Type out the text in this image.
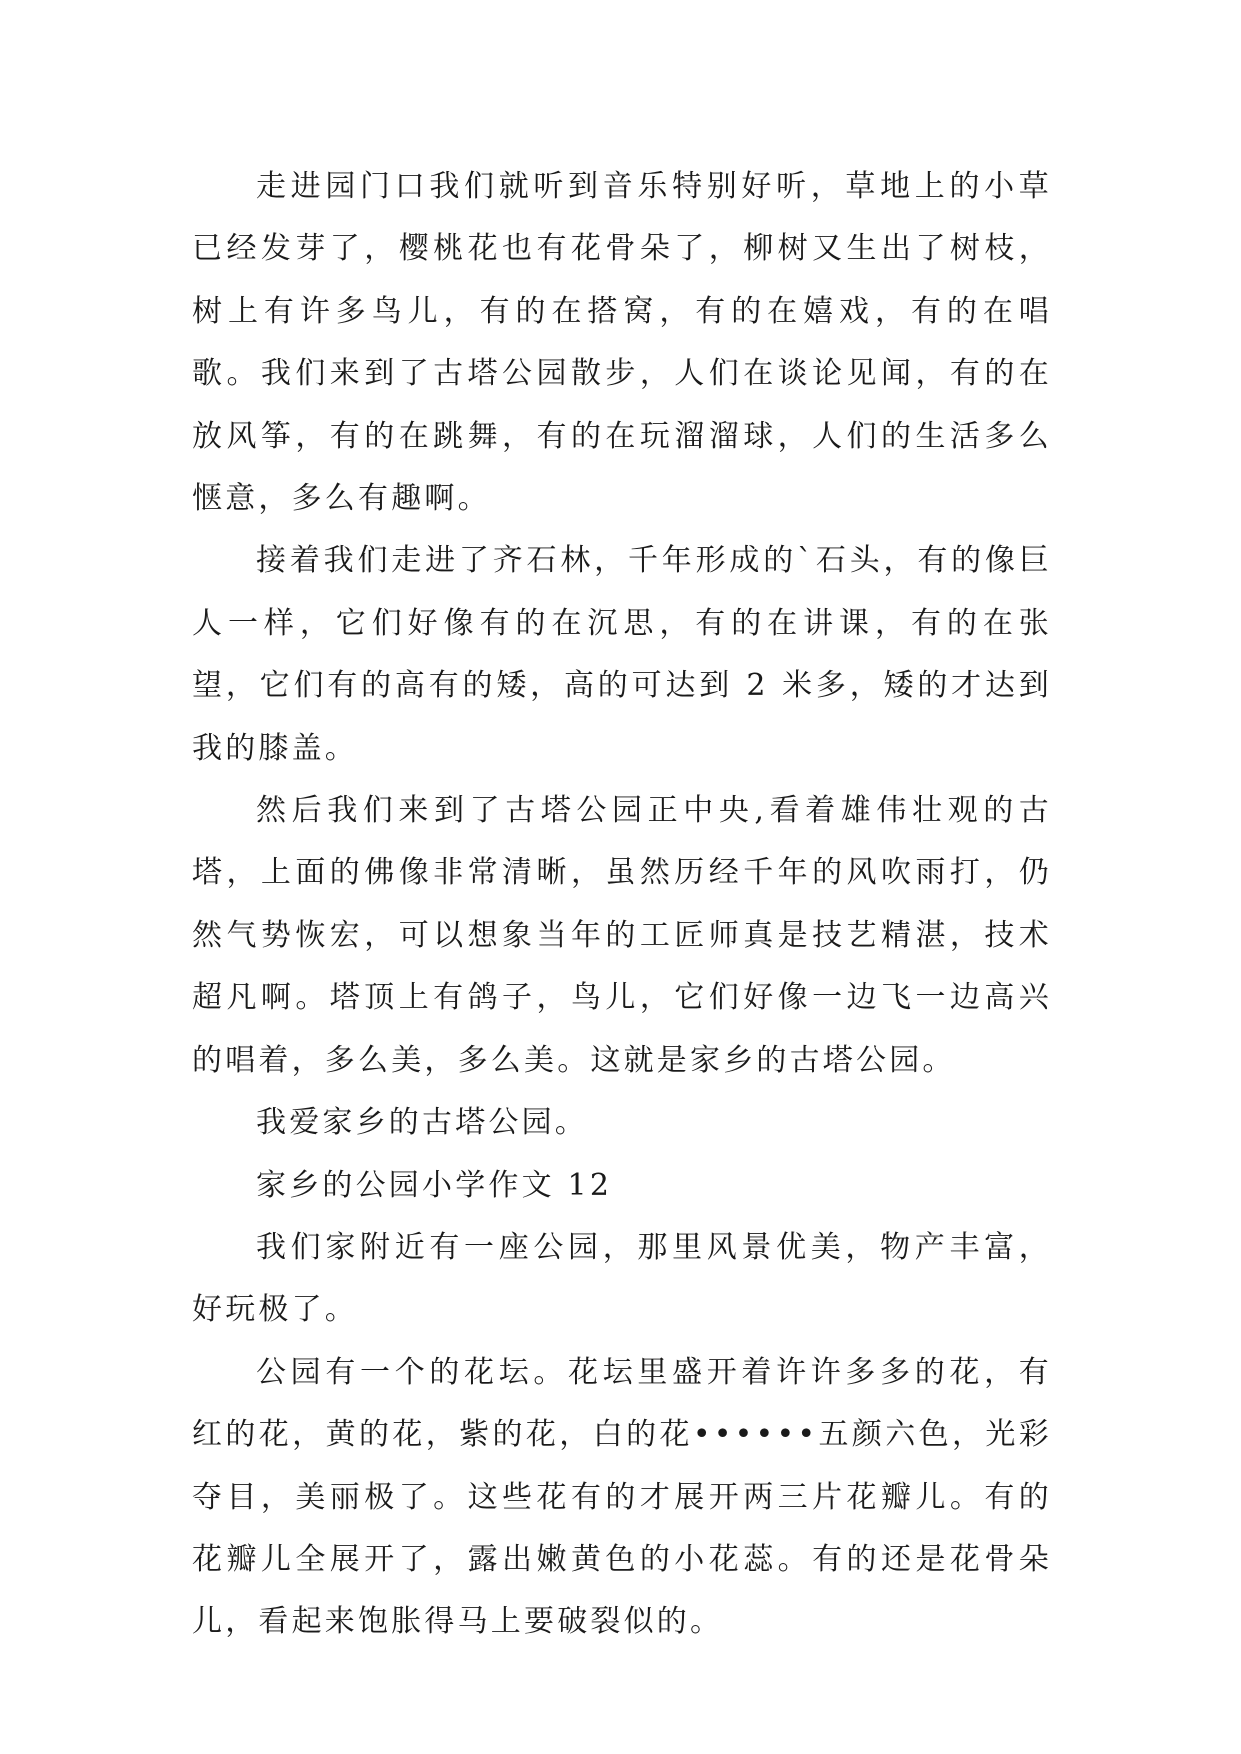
走进园门口我们就听到音乐特别好听，草地上的小草已经发芽了，樱桃花也有花骨朵了，柳树又生出了树枝，树上有许多鸟儿，有的在搭窝，有的在嬉戏，有的在唱歌。我们来到了古塔公园散步，人们在谈论见闻，有的在放风筝，有的在跳舞，有的在玩溜溜球，人们的生活多么惬意，多么有趣啊。

接着我们走进了齐石林，千年形成的`石头，有的像巨人一样，它们好像有的在沉思，有的在讲课，有的在张望，它们有的高有的矮，高的可达到 2 米多，矮的才达到我的膝盖。

然后我们来到了古塔公园正中央,看着雄伟壮观的古塔，上面的佛像非常清晰，虽然历经千年的风吹雨打，仍然气势恢宏，可以想象当年的工匠师真是技艺精湛，技术超凡啊。塔顶上有鸽子，鸟儿，它们好像一边飞一边高兴的唱着，多么美，多么美。这就是家乡的古塔公园。

我爱家乡的古塔公园。

家乡的公园小学作文 12

我们家附近有一座公园，那里风景优美，物产丰富，好玩极了。

公园有一个的花坛。花坛里盛开着许许多多的花，有红的花，黄的花，紫的花，白的花••••••五颜六色，光彩夺目，美丽极了。这些花有的才展开两三片花瓣儿。有的花瓣儿全展开了，露出嫩黄色的小花蕊。有的还是花骨朵儿，看起来饱胀得马上要破裂似的。
